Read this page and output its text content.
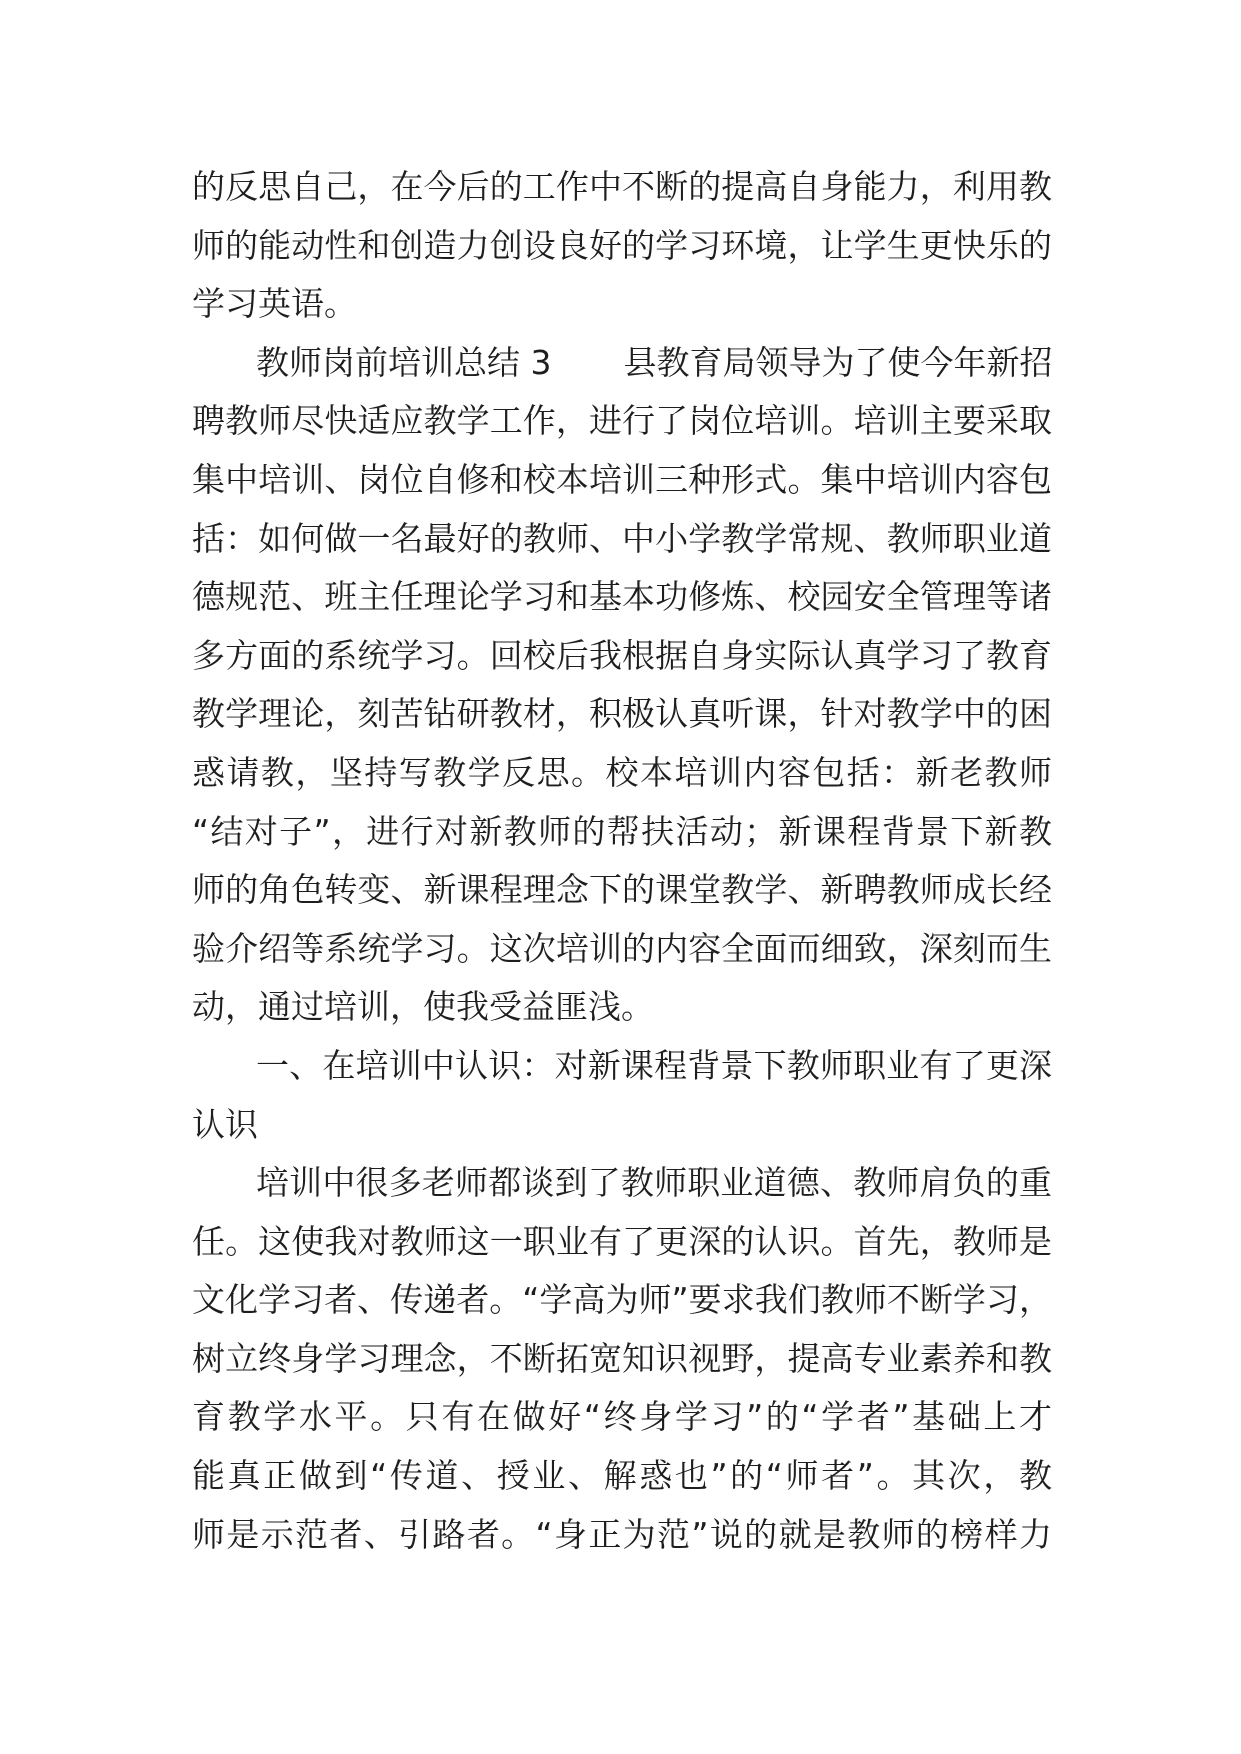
的反思自己，在今后的工作中不断的提高自身能力，利用教
师的能动性和创造力创设良好的学习环境，让学生更快乐的
学习英语。
教师岗前培训总结 3 县教育局领导为了使今年新招
聘教师尽快适应教学工作，进行了岗位培训。培训主要采取
集中培训、岗位自修和校本培训三种形式。集中培训内容包
括：如何做一名最好的教师、中小学教学常规、教师职业道
德规范、班主任理论学习和基本功修炼、校园安全管理等诸
多方面的系统学习。回校后我根据自身实际认真学习了教育
教学理论，刻苦钻研教材，积极认真听课，针对教学中的困
惑请教，坚持写教学反思。校本培训内容包括：新老教师
“结对子”，进行对新教师的帮扶活动；新课程背景下新教
师的角色转变、新课程理念下的课堂教学、新聘教师成长经
验介绍等系统学习。这次培训的内容全面而细致，深刻而生
动，通过培训，使我受益匪浅。
一、在培训中认识：对新课程背景下教师职业有了更深
认识
培训中很多老师都谈到了教师职业道德、教师肩负的重
任。这使我对教师这一职业有了更深的认识。首先，教师是
文化学习者、传递者。“学高为师”要求我们教师不断学习，
树立终身学习理念，不断拓宽知识视野，提高专业素养和教
育教学水平。只有在做好“终身学习”的“学者”基础上才
能真正做到“传道、授业、解惑也”的“师者”。其次，教
师是示范者、引路者。“身正为范”说的就是教师的榜样力
